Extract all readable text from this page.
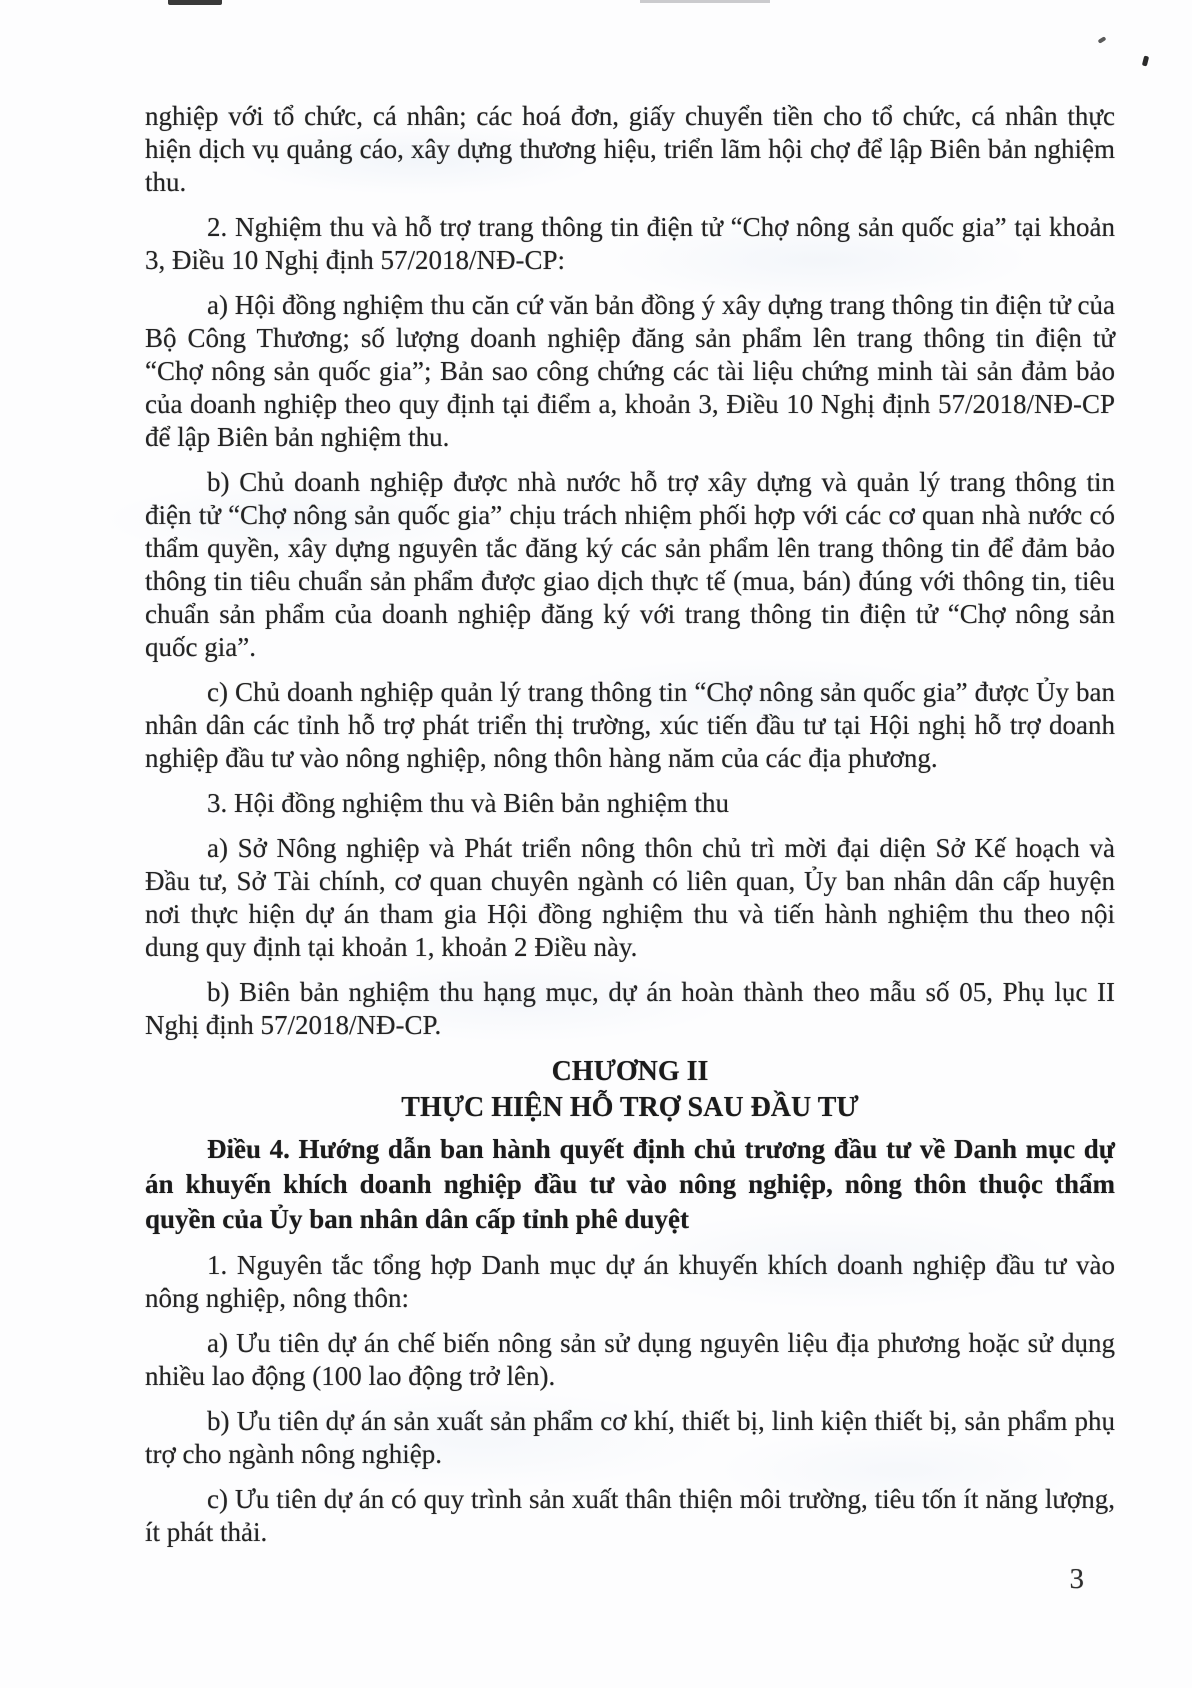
nghiệp với tổ chức, cá nhân; các hoá đơn, giấy chuyển tiền cho tổ chức, cá nhân thực hiện dịch vụ quảng cáo, xây dựng thương hiệu, triển lãm hội chợ để lập Biên bản nghiệm thu.

2. Nghiệm thu và hỗ trợ trang thông tin điện tử “Chợ nông sản quốc gia” tại khoản 3, Điều 10 Nghị định 57/2018/NĐ-CP:

a) Hội đồng nghiệm thu căn cứ văn bản đồng ý xây dựng trang thông tin điện tử của Bộ Công Thương; số lượng doanh nghiệp đăng sản phẩm lên trang thông tin điện tử “Chợ nông sản quốc gia”; Bản sao công chứng các tài liệu chứng minh tài sản đảm bảo của doanh nghiệp theo quy định tại điểm a, khoản 3, Điều 10 Nghị định 57/2018/NĐ-CP để lập Biên bản nghiệm thu.

b) Chủ doanh nghiệp được nhà nước hỗ trợ xây dựng và quản lý trang thông tin điện tử “Chợ nông sản quốc gia” chịu trách nhiệm phối hợp với các cơ quan nhà nước có thẩm quyền, xây dựng nguyên tắc đăng ký các sản phẩm lên trang thông tin để đảm bảo thông tin tiêu chuẩn sản phẩm được giao dịch thực tế (mua, bán) đúng với thông tin, tiêu chuẩn sản phẩm của doanh nghiệp đăng ký với trang thông tin điện tử “Chợ nông sản quốc gia”.

c) Chủ doanh nghiệp quản lý trang thông tin “Chợ nông sản quốc gia” được Ủy ban nhân dân các tỉnh hỗ trợ phát triển thị trường, xúc tiến đầu tư tại Hội nghị hỗ trợ doanh nghiệp đầu tư vào nông nghiệp, nông thôn hàng năm của các địa phương.

3. Hội đồng nghiệm thu và Biên bản nghiệm thu

a) Sở Nông nghiệp và Phát triển nông thôn chủ trì mời đại diện Sở Kế hoạch và Đầu tư, Sở Tài chính, cơ quan chuyên ngành có liên quan, Ủy ban nhân dân cấp huyện nơi thực hiện dự án tham gia Hội đồng nghiệm thu và tiến hành nghiệm thu theo nội dung quy định tại khoản 1, khoản 2 Điều này.

b) Biên bản nghiệm thu hạng mục, dự án hoàn thành theo mẫu số 05, Phụ lục II Nghị định 57/2018/NĐ-CP.

CHƯƠNG II

THỰC HIỆN HỖ TRỢ SAU ĐẦU TƯ

Điều 4. Hướng dẫn ban hành quyết định chủ trương đầu tư về Danh mục dự án khuyến khích doanh nghiệp đầu tư vào nông nghiệp, nông thôn thuộc thẩm quyền của Ủy ban nhân dân cấp tỉnh phê duyệt

1. Nguyên tắc tổng hợp Danh mục dự án khuyến khích doanh nghiệp đầu tư vào nông nghiệp, nông thôn:

a) Ưu tiên dự án chế biến nông sản sử dụng nguyên liệu địa phương hoặc sử dụng nhiều lao động (100 lao động trở lên).

b) Ưu tiên dự án sản xuất sản phẩm cơ khí, thiết bị, linh kiện thiết bị, sản phẩm phụ trợ cho ngành nông nghiệp.

c) Ưu tiên dự án có quy trình sản xuất thân thiện môi trường, tiêu tốn ít năng lượng, ít phát thải.

3
